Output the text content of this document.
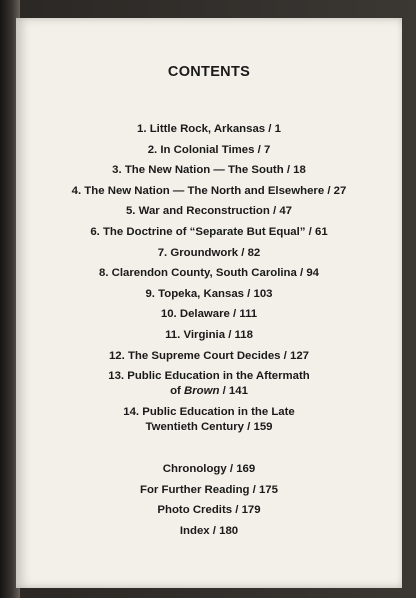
CONTENTS
1. Little Rock, Arkansas / 1
2. In Colonial Times / 7
3. The New Nation — The South / 18
4. The New Nation — The North and Elsewhere / 27
5. War and Reconstruction / 47
6. The Doctrine of “Separate But Equal” / 61
7. Groundwork / 82
8. Clarendon County, South Carolina / 94
9. Topeka, Kansas / 103
10. Delaware / 111
11. Virginia / 118
12. The Supreme Court Decides / 127
13. Public Education in the Aftermath
of Brown / 141
14. Public Education in the Late
Twentieth Century / 159
Chronology / 169
For Further Reading / 175
Photo Credits / 179
Index / 180
